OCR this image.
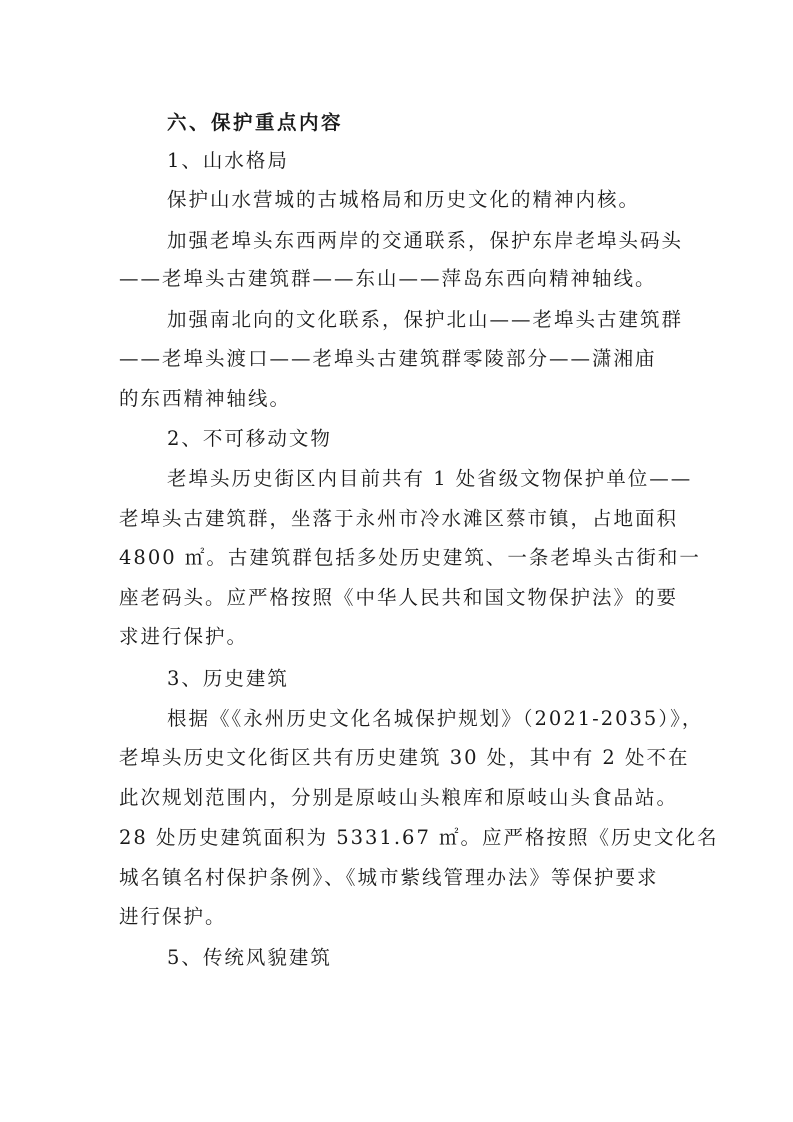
六、保护重点内容
1、山水格局
保护山水营城的古城格局和历史文化的精神内核。
加强老埠头东西两岸的交通联系，保护东岸老埠头码头
——老埠头古建筑群——东山——萍岛东西向精神轴线。
加强南北向的文化联系，保护北山——老埠头古建筑群
——老埠头渡口——老埠头古建筑群零陵部分——潇湘庙
的东西精神轴线。
2、不可移动文物
老埠头历史街区内目前共有 1 处省级文物保护单位——
老埠头古建筑群，坐落于永州市冷水滩区蔡市镇，占地面积
4800 ㎡。古建筑群包括多处历史建筑、一条老埠头古街和一
座老码头。应严格按照《中华人民共和国文物保护法》的要
求进行保护。
3、历史建筑
根据《《永州历史文化名城保护规划》（2021-2035）》，
老埠头历史文化街区共有历史建筑 30 处，其中有 2 处不在
此次规划范围内，分别是原岐山头粮库和原岐山头食品站。
28 处历史建筑面积为 5331.67 ㎡。应严格按照《历史文化名
城名镇名村保护条例》、《城市紫线管理办法》等保护要求
进行保护。
5、传统风貌建筑
